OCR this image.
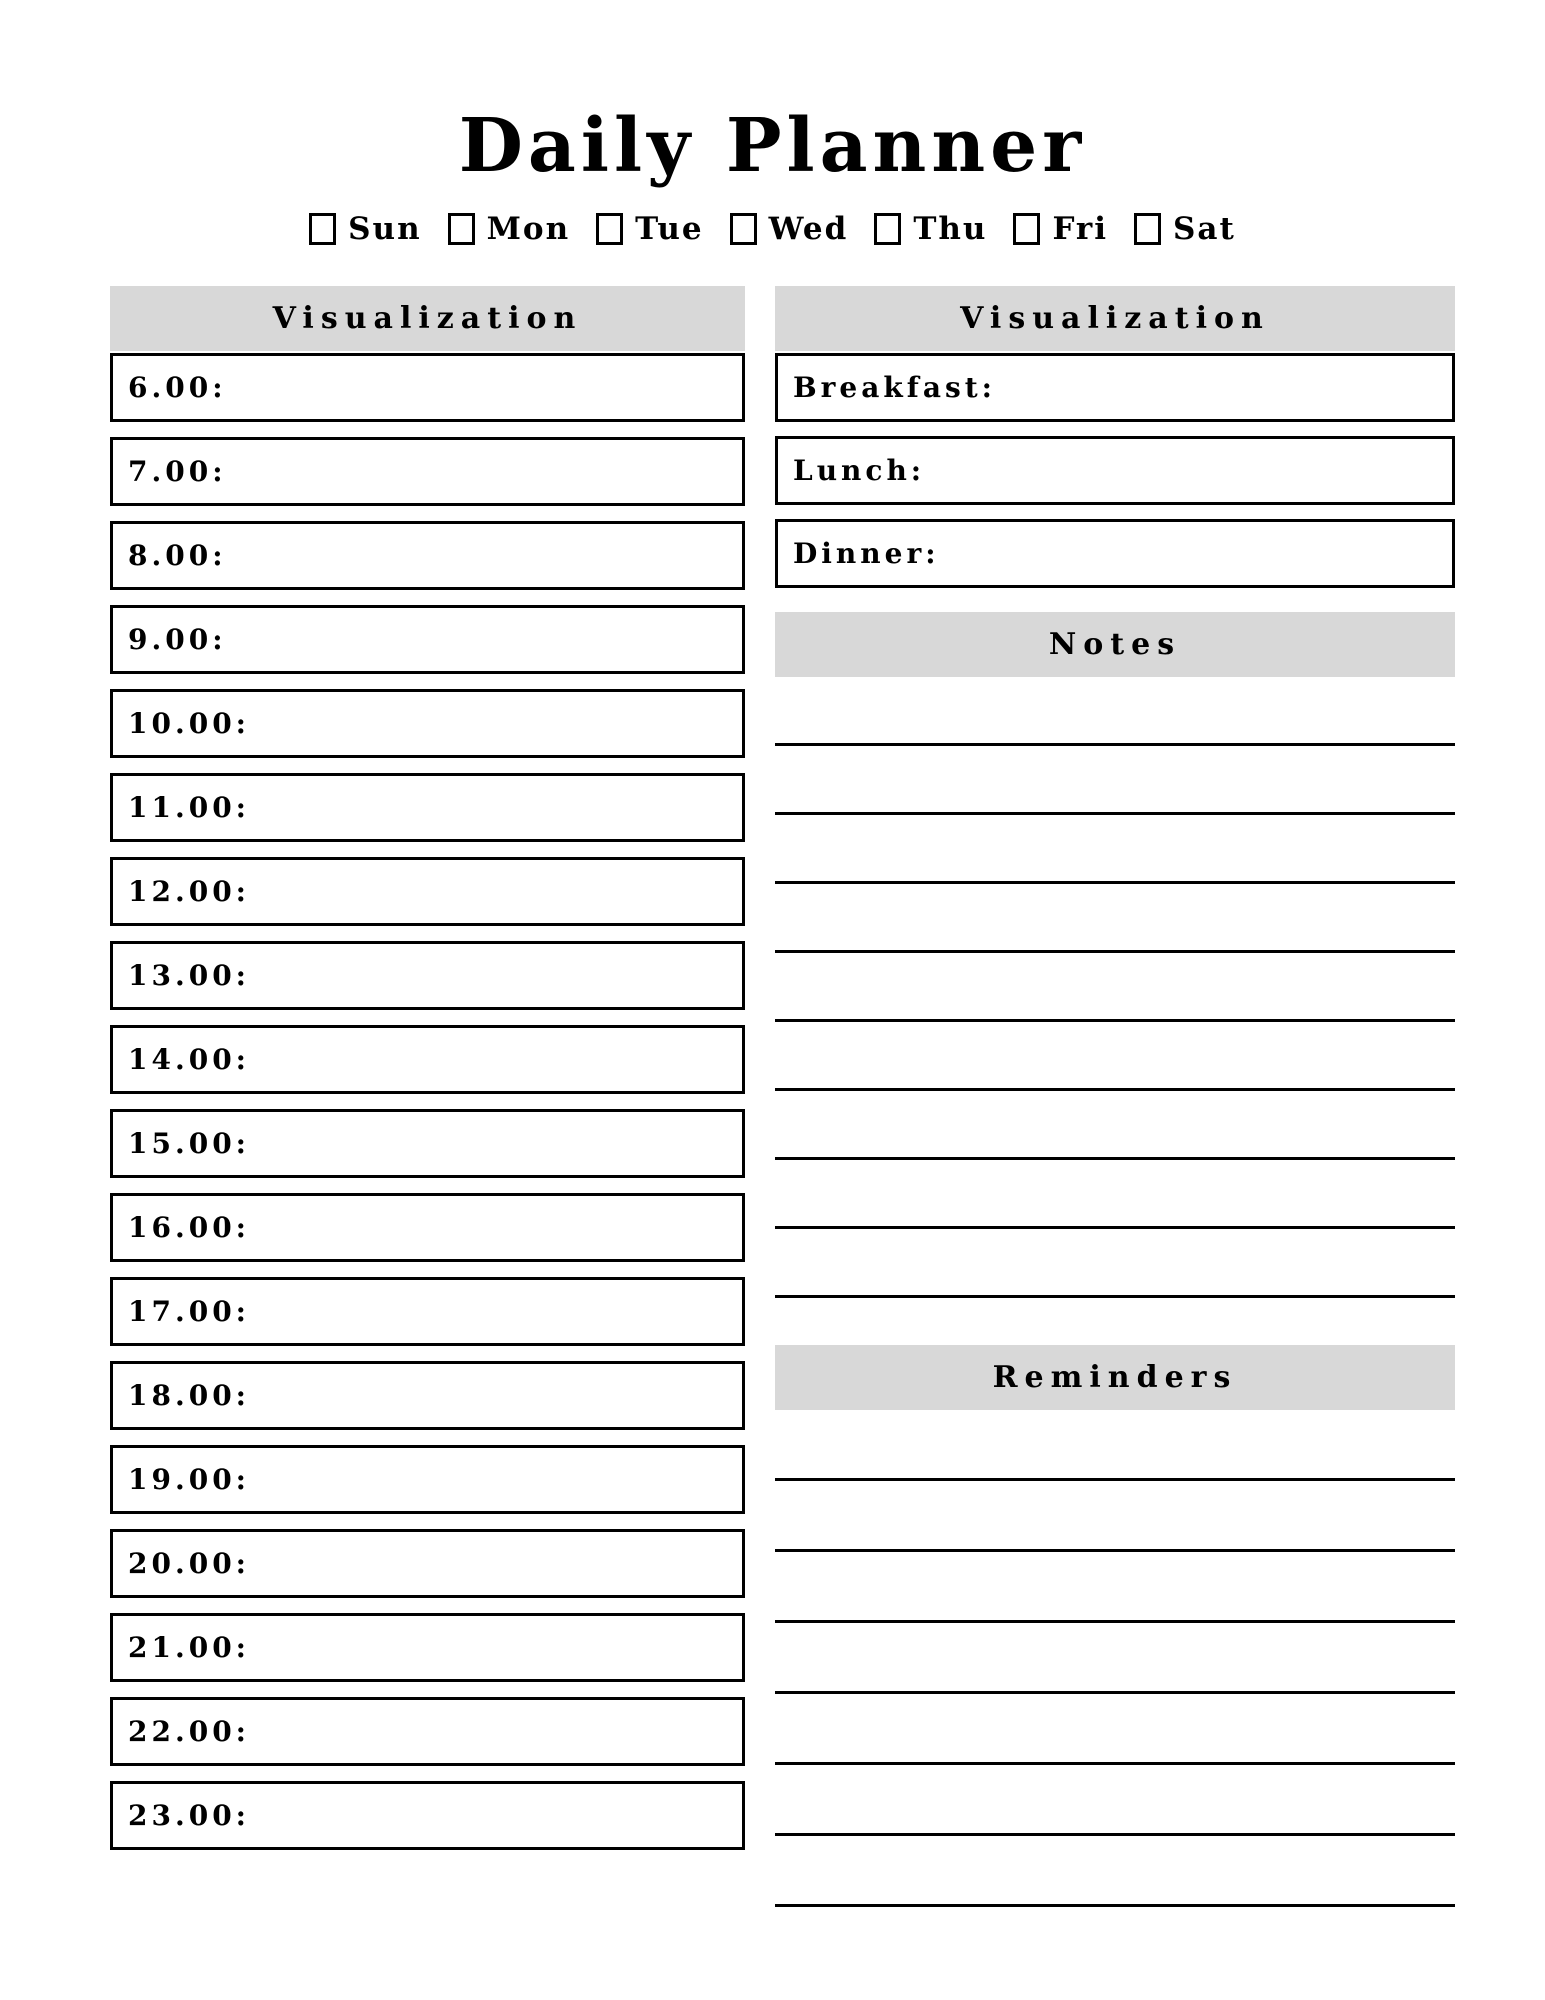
Daily Planner
Sun Mon Tue Wed Thu Fri Sat
Visualization
6.00:
7.00:
8.00:
9.00:
10.00:
11.00:
12.00:
13.00:
14.00:
15.00:
16.00:
17.00:
18.00:
19.00:
20.00:
21.00:
22.00:
23.00:
Visualization
Breakfast:
Lunch:
Dinner:
Notes
Reminders
